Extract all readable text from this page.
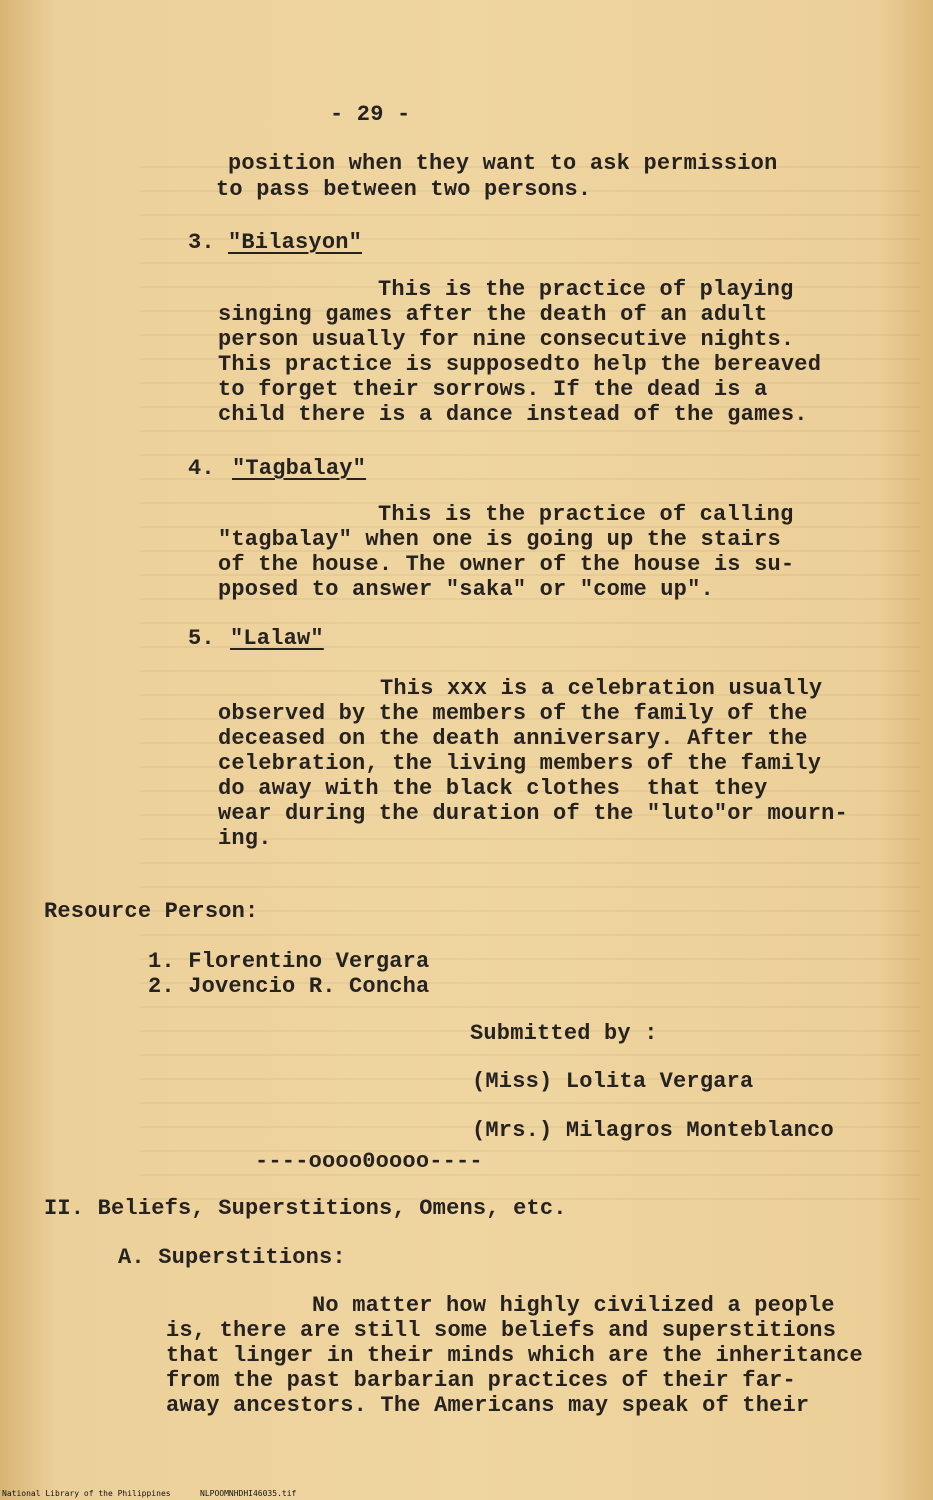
- 29 -
position when they want to ask permission
to pass between two persons.
3. "Bilasyon"
This is the practice of playing
singing games after the death of an adult
person usually for nine consecutive nights.
This practice is supposedto help the bereaved
to forget their sorrows. If the dead is a
child there is a dance instead of the games.
4. "Tagbalay"
This is the practice of calling
"tagbalay" when one is going up the stairs
of the house. The owner of the house is su-
pposed to answer "saka" or "come up".
5. "Lalaw"
This xxx is a celebration usually
observed by the members of the family of the
deceased on the death anniversary. After the
celebration, the living members of the family
do away with the black clothes  that they
wear during the duration of the "luto"or mourn-
ing.
Resource Person:
1. Florentino Vergara
2. Jovencio R. Concha
Submitted by :
(Miss) Lolita Vergara
(Mrs.) Milagros Monteblanco
----oooo0oooo----
II. Beliefs, Superstitions, Omens, etc.
A. Superstitions:
No matter how highly civilized a people
is, there are still some beliefs and superstitions
that linger in their minds which are the inheritance
from the past barbarian practices of their far-
away ancestors. The Americans may speak of their
National Library of the Philippines	NLPOOMNHDHI46035.tif
